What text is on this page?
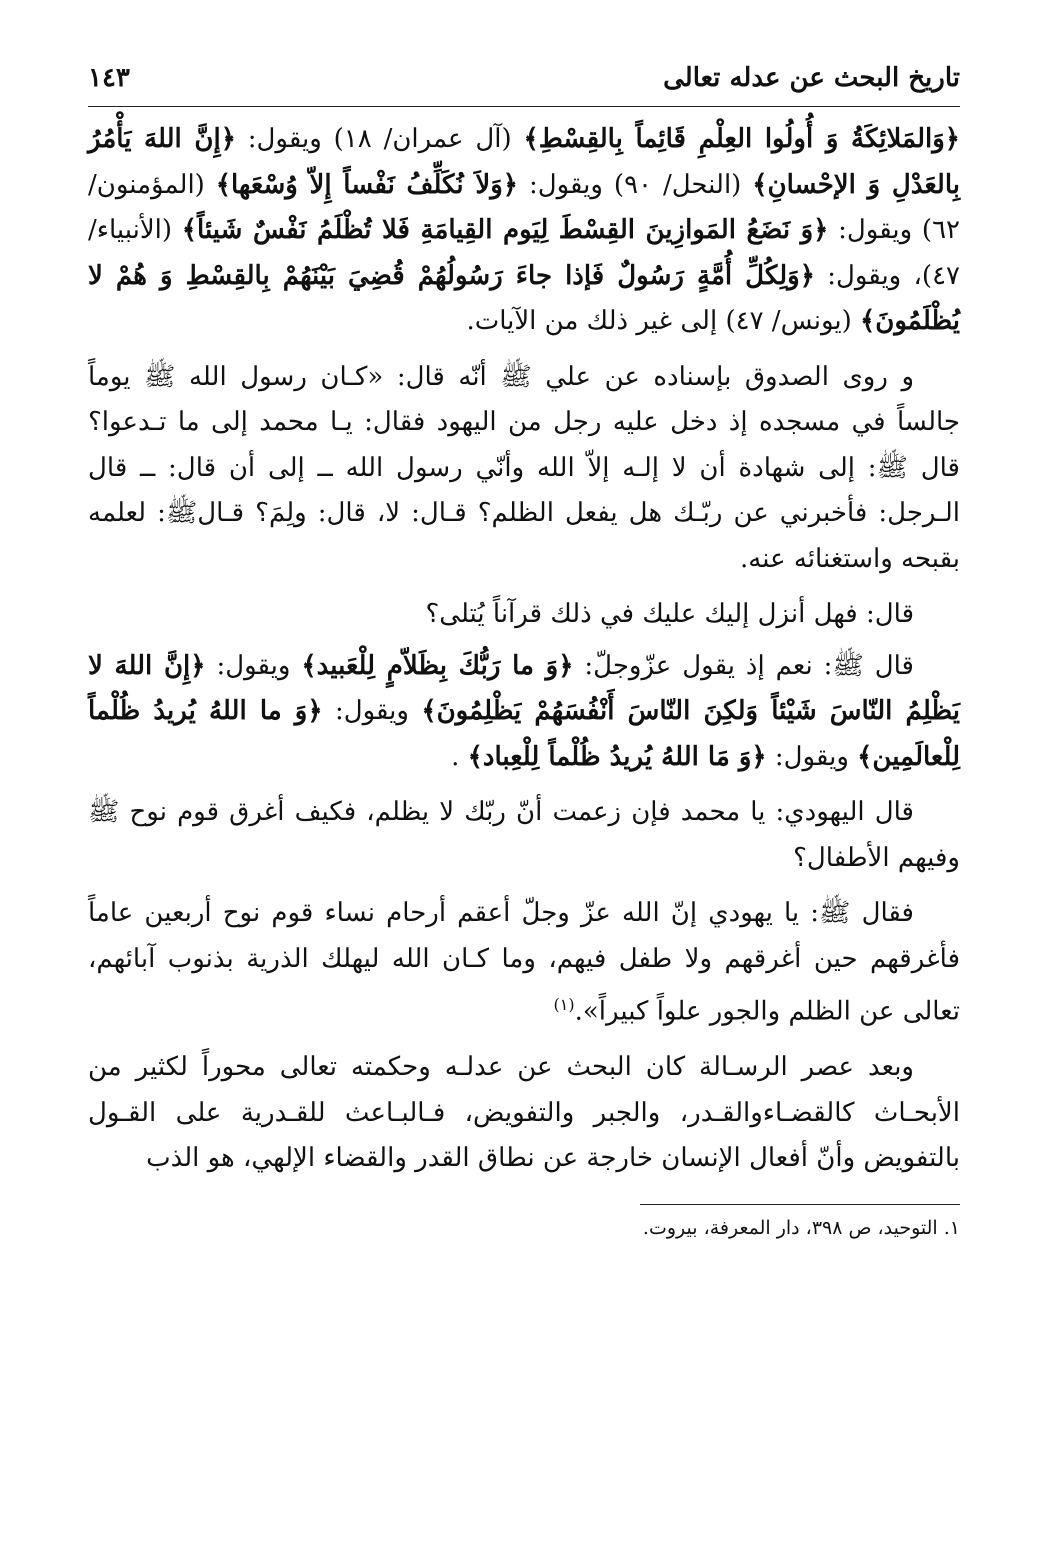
تاريخ البحث عن عدله تعالى
١٤٣

﴿وَالمَلائِكَةُ وَ أُولُوا العِلْمِ قَائِماً بِالقِسْطِ﴾ (آل عمران/ ١٨) ويقول: ﴿إِنَّ اللهَ يَأْمُرُ بِالعَدْلِ وَ الإحْسانِ﴾ (النحل/ ٩٠) ويقول: ﴿وَلاَ نُكَلِّفُ نَفْساً إِلاّ وُسْعَها﴾ (المؤمنون/ ٦٢) ويقول: ﴿وَ نَضَعُ المَوازِينَ القِسْطَ لِيَوم القِيامَةِ فَلا تُظْلَمُ نَفْسٌ شَيئاً﴾ (الأنبياء/ ٤٧)، ويقول: ﴿وَلِكُلِّ أُمَّةٍ رَسُولٌ فَإذا جاءَ رَسُولُهُمْ قُضِيَ بَيْنَهُمْ بِالقِسْطِ وَ هُمْ لا يُظْلَمُونَ﴾ (يونس/ ٤٧) إلى غير ذلك من الآيات.

و روى الصدوق بإسناده عن علي ﷺ أنّه قال: «كـان رسول الله ﷺ يوماً جالساً في مسجده إذ دخل عليه رجل من اليهود فقال: يـا محمد إلى ما تـدعوا؟ قال ﷺ: إلى شهادة أن لا إلـه إلاّ الله وأنّي رسول الله ــ إلى أن قال: ــ قال الـرجل: فأخبرني عن ربّـك هل يفعل الظلم؟ قـال: لا، قال: ولِمَ؟ قـالﷺ: لعلمه بقبحه واستغنائه عنه.

قال: فهل أنزل إليك عليك في ذلك قرآناً يُتلى؟

قال ﷺ: نعم إذ يقول عزّوجلّ: ﴿وَ ما رَبُّكَ بِظَلاّمٍ لِلْعَبيد﴾ ويقول: ﴿إِنَّ اللهَ لا يَظْلِمُ النّاسَ شَيْئاً وَلكِنَ النّاسَ أَنْفُسَهُمْ يَظْلِمُونَ﴾ ويقول: ﴿وَ ما اللهُ يُريدُ ظُلْماً لِلْعالَمِين﴾ ويقول: ﴿وَ مَا اللهُ يُريدُ ظُلْماً لِلْعِباد﴾ .

قال اليهودي: يا محمد فإن زعمت أنّ ربّك لا يظلم، فكيف أغرق قوم نوح ﷺ وفيهم الأطفال؟

فقال ﷺ: يا يهودي إنّ الله عزّ وجلّ أعقم أرحام نساء قوم نوح أربعين عاماً فأغرقهم حين أغرقهم ولا طفل فيهم، وما كـان الله ليهلك الذرية بذنوب آبائهم، تعالى عن الظلم والجور علواً كبيراً».$^{(١)}$

وبعد عصر الرسـالة كان البحث عن عدلـه وحكمته تعالى محوراً لكثير من الأبحـاث كالقضـاءوالقـدر، والجبر والتفويض، فـالبـاعث للقـدرية على القـول بالتفويض وأنّ أفعال الإنسان خارجة عن نطاق القدر والقضاء الإلهي، هو الذب

١. التوحيد، ص ٣٩٨، دار المعرفة، بيروت.
